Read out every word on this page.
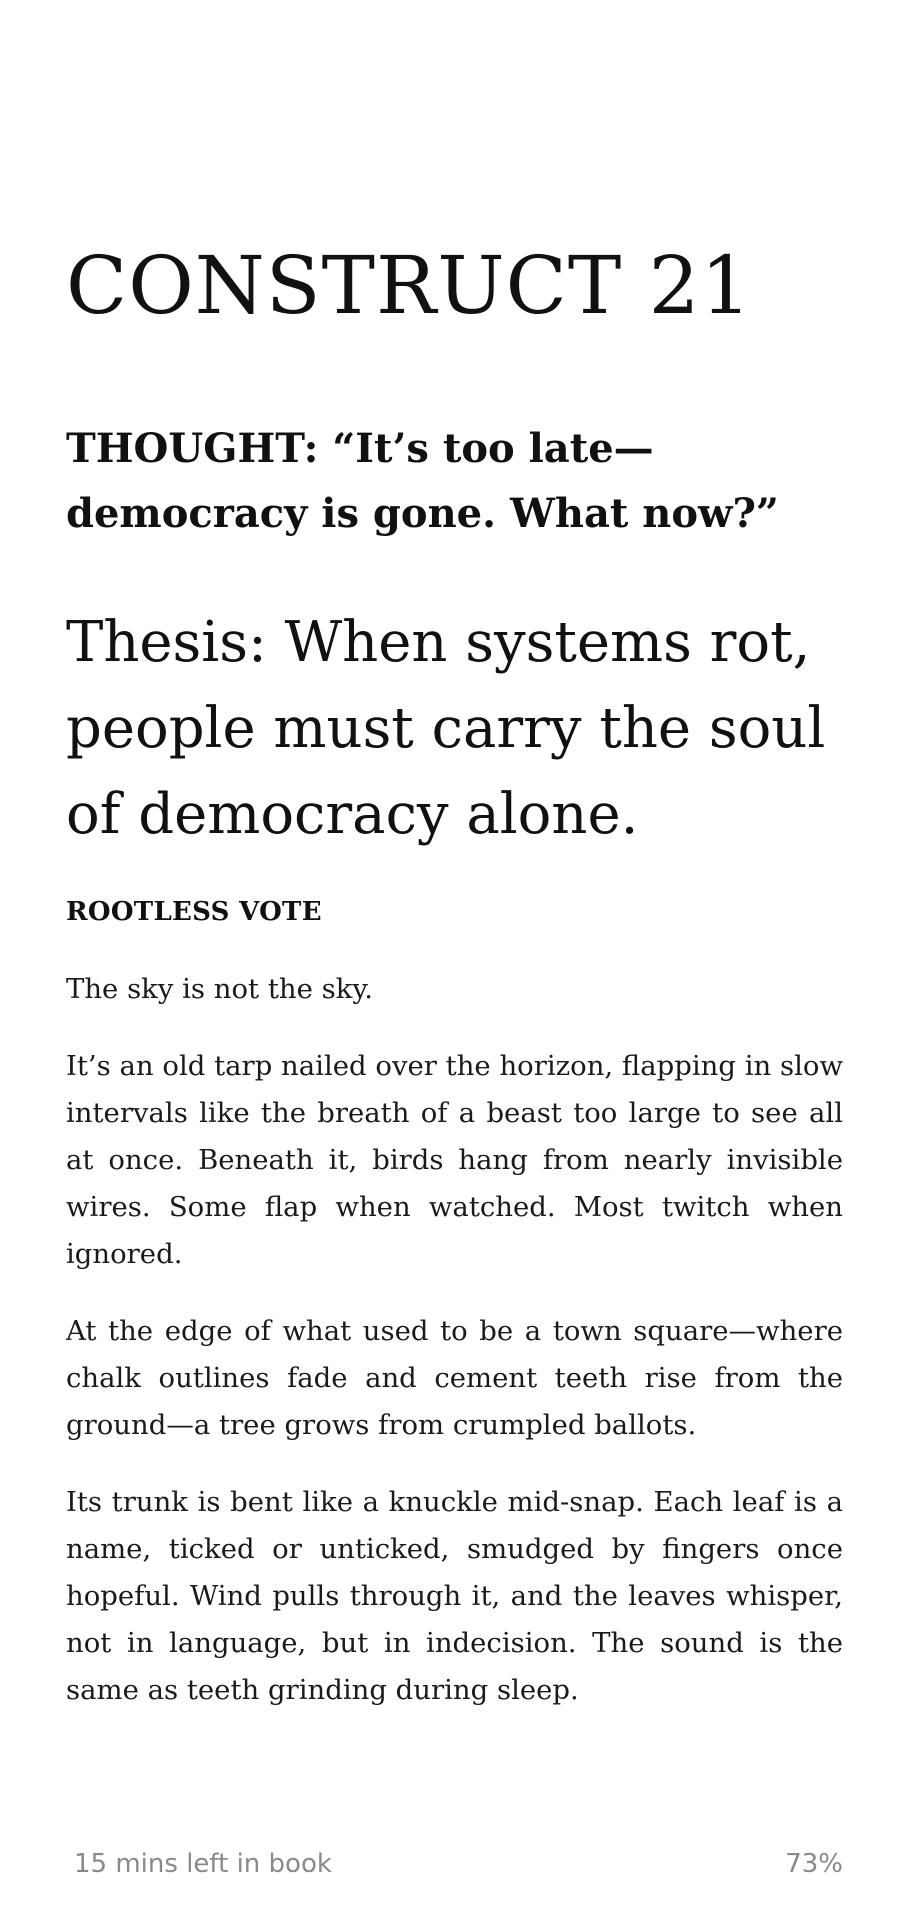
CONSTRUCT 21
THOUGHT: “It’s too late—democracy is gone. What now?”
Thesis: When systems rot, people must carry the soul of democracy alone.
ROOTLESS VOTE

The sky is not the sky.

It’s an old tarp nailed over the horizon, flapping in slow intervals like the breath of a beast too large to see all at once. Beneath it, birds hang from nearly invisible wires. Some flap when watched. Most twitch when ignored.

At the edge of what used to be a town square—where chalk outlines fade and cement teeth rise from the ground—a tree grows from crumpled ballots.

Its trunk is bent like a knuckle mid-snap. Each leaf is a name, ticked or unticked, smudged by fingers once hopeful. Wind pulls through it, and the leaves whisper, not in language, but in indecision. The sound is the same as teeth grinding during sleep.

15 mins left in book	73%
